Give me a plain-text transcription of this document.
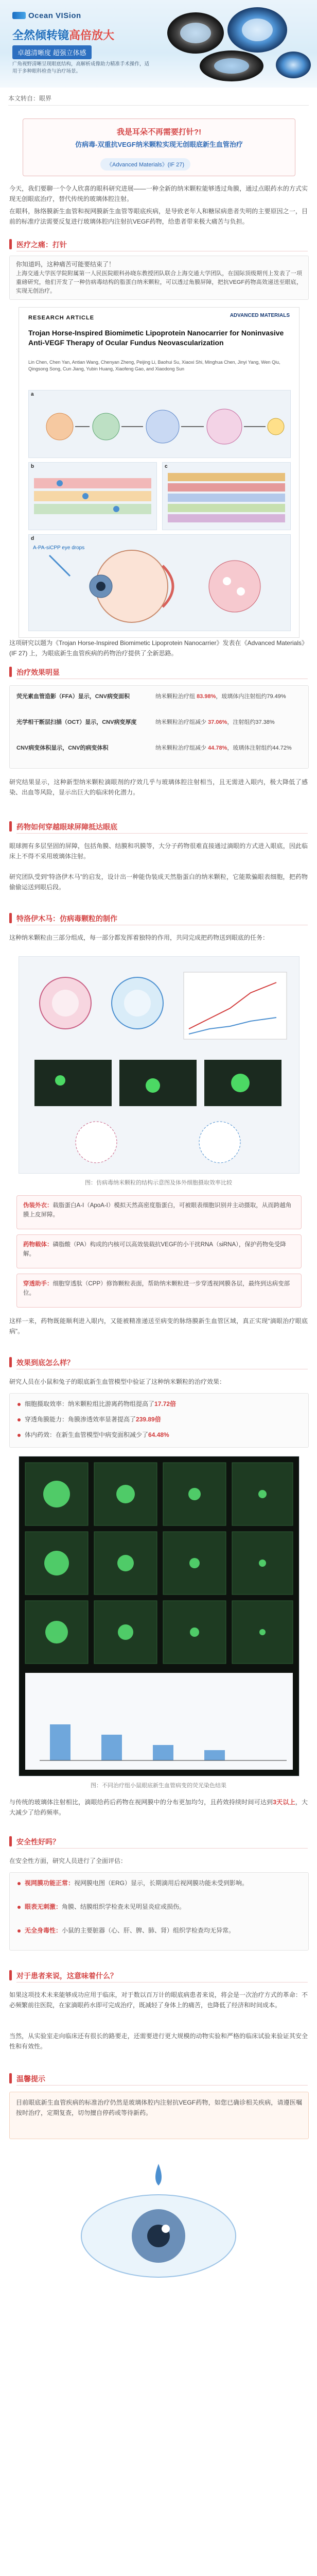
Ocean VISion
全然倾转镜高倍放大
卓越清晰度 超强立体感
广角视野清晰呈现眼底结构，高解析成像助力精准手术操作，适用于多种眼科检查与治疗场景。
本文转自：眼界
我是耳朵不再需要打针?!
仿病毒-双重抗VEGF纳米颗粒实现无创眼底新生血管治疗
《Advanced Materials》(IF 27)
今天，我们要聊一个令人欣喜的眼科研究进展——一种全新的纳米颗粒能够透过角膜，通过点眼药水的方式实现无创眼底治疗，替代传统的玻璃体腔注射。
在眼科，脉络膜新生血管和视网膜新生血管等眼底疾病，是导致老年人和糖尿病患者失明的主要原因之一，目前的标准疗法需要反复进行玻璃体腔内注射抗VEGF药物，给患者带来极大痛苦与负担。
医疗之痛：打针
你知道吗，这种痛苦可能要结束了！
上海交通大学医学院附属第一人民医院眼科孙晓东教授团队联合上海交通大学团队，在国际顶级期刊上发表了一项重磅研究，他们开发了一种仿病毒结构的脂蛋白纳米颗粒，可以透过角膜屏障，把抗VEGF药物高效递送至眼底，实现无创治疗。
RESEARCH ARTICLE	ADVANCED MATERIALS
Trojan Horse-Inspired Biomimetic Lipoprotein Nanocarrier for Noninvasive Anti-VEGF Therapy of Ocular Fundus Neovascularization
Lin Chen, Chen Yan, Antian Wang, Chenyan Zheng, Peijing Li, Baohui Su, Xiaoxi Shi, Minghua Chen, Jinyi Yang, Wen Qiu, Qingsong Song, Cun Jiang, Yubin Huang, Xiaofeng Gao, and Xiaodong Sun
a
b	c
d
A-PA-siCPP eye drops
这项研究以题为《Trojan Horse-Inspired Biomimetic Lipoprotein Nanocarrier》发表在《Advanced Materials》(IF 27) 上，为眼底新生血管疾病的药物治疗提供了全新思路。
治疗效果明显
荧光素血管造影（FFA）显示，CNV病变面积	纳米颗粒治疗组 83.98%，玻璃体内注射组约79.49%
光学相干断层扫描（OCT）显示，CNV病变厚度	纳米颗粒治疗组减少 37.06%，注射组约37.38%
CNV病变体积显示，CNV的病变体积	纳米颗粒治疗组减少 44.78%，玻璃体注射组约44.72%
研究结果显示，这种新型纳米颗粒滴眼剂的疗效几乎与玻璃体腔注射相当，且无需进入眼内，极大降低了感染、出血等风险，显示出巨大的临床转化潜力。
药物如何穿越眼球屏障抵达眼底
眼球拥有多层坚固的屏障，包括角膜、结膜和巩膜等，大分子药物很难直接通过滴眼的方式进入眼底，因此临床上不得不采用玻璃体注射。
研究团队受到“特洛伊木马”的启发，设计出一种能伪装成天然脂蛋白的纳米颗粒，它能欺骗眼表细胞，把药物偷偷运送到眼后段。
特洛伊木马：仿病毒颗粒的制作
这种纳米颗粒由三部分组成，每一部分都发挥着独特的作用，共同完成把药物送到眼底的任务：
图：仿病毒纳米颗粒的结构示意图及体外细胞摄取效率比较
伪装外衣：载脂蛋白A-I（ApoA-I）模拟天然高密度脂蛋白，可被眼表细胞识别并主动摄取，从而跨越角膜上皮屏障。
药物载体：磷脂酸（PA）构成的内核可以高效装载抗VEGF的小干扰RNA（siRNA），保护药物免受降解。
穿透助手：细胞穿透肽（CPP）修饰颗粒表面，帮助纳米颗粒进一步穿透视网膜各层，最终到达病变部位。
这样一来，药物既能顺利进入眼内，又能被精准递送至病变的脉络膜新生血管区域，真正实现“滴眼治疗眼底病”。
效果到底怎么样？
研究人员在小鼠和兔子的眼底新生血管模型中验证了这种纳米颗粒的治疗效果：
细胞摄取效率：纳米颗粒组比游离药物组提高了17.72倍
穿透角膜能力：角膜渗透效率显著提高了239.89倍
体内药效：在新生血管模型中病变面积减少了64.48%
图：不同治疗组小鼠眼底新生血管病变的荧光染色结果
与传统的玻璃体注射相比，滴眼给药后药物在视网膜中的分布更加均匀，且药效持续时间可达到3天以上，大大减少了给药频率。
安全性好吗？
在安全性方面，研究人员进行了全面评估：
视网膜功能正常：视网膜电图（ERG）显示，长期滴用后视网膜功能未受到影响。
眼表无刺激：角膜、结膜组织学检查未见明显炎症或损伤。
无全身毒性：小鼠的主要脏器（心、肝、脾、肺、肾）组织学检查均无异常。
对于患者来说，这意味着什么？
如果这项技术未来能够成功应用于临床，对于数以百万计的眼底病患者来说，将会是一次治疗方式的革命：不必频繁前往医院，在家滴眼药水即可完成治疗，既减轻了身体上的痛苦，也降低了经济和时间成本。
当然，从实验室走向临床还有很长的路要走，还需要进行更大规模的动物实验和严格的临床试验来验证其安全性和有效性。
温馨提示
目前眼底新生血管疾病的标准治疗仍然是玻璃体腔内注射抗VEGF药物，如您已确诊相关疾病，请遵医嘱按时治疗，定期复查，切勿擅自停药或等待新药。
